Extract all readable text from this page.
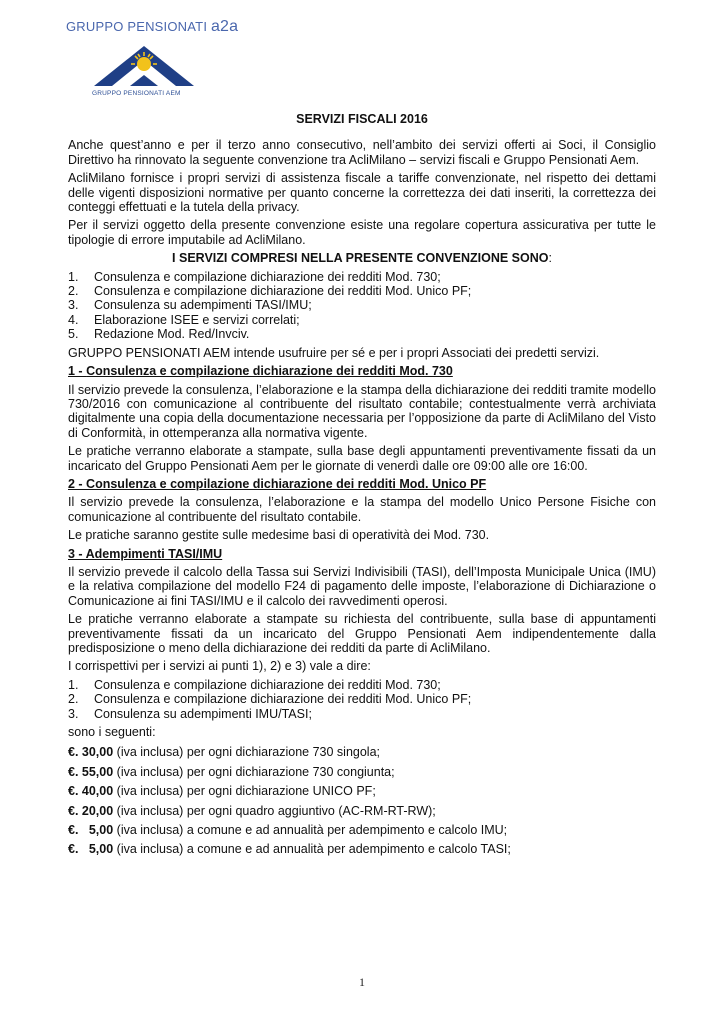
GRUPPO PENSIONATI a2a
GRUPPO PENSIONATI AEM

SERVIZI FISCALI 2016

Anche quest’anno e per il terzo anno consecutivo, nell’ambito dei servizi offerti ai Soci, il Consiglio Direttivo ha rinnovato la seguente convenzione tra AcliMilano – servizi fiscali e Gruppo Pensionati Aem.

AcliMilano fornisce i propri servizi di assistenza fiscale a tariffe convenzionate, nel rispetto dei dettami delle vigenti disposizioni normative per quanto concerne la correttezza dei dati inseriti, la correttezza dei conteggi effettuati e la tutela della privacy.

Per il servizi oggetto della presente convenzione esiste una regolare copertura assicurativa per tutte le tipologie di errore imputabile ad AcliMilano.

I SERVIZI COMPRESI NELLA PRESENTE CONVENZIONE SONO:

1.	Consulenza e compilazione dichiarazione dei redditi Mod. 730;
2.	Consulenza e compilazione dichiarazione dei redditi Mod. Unico PF;
3.	Consulenza su adempimenti TASI/IMU;
4.	Elaborazione ISEE e servizi correlati;
5.	Redazione Mod. Red/Invciv.

GRUPPO PENSIONATI AEM intende usufruire per sé e per i propri Associati dei predetti servizi.

1 - Consulenza e compilazione dichiarazione dei redditi Mod. 730

Il servizio prevede la consulenza, l’elaborazione e la stampa della dichiarazione dei redditi tramite modello 730/2016 con comunicazione al contribuente del risultato contabile; contestualmente verrà archiviata digitalmente una copia della documentazione necessaria per l’opposizione da parte di AcliMilano del Visto di Conformità, in ottemperanza alla normativa vigente.

Le pratiche verranno elaborate a stampate, sulla base degli appuntamenti preventivamente fissati da un incaricato del Gruppo Pensionati Aem per le giornate di venerdì dalle ore 09:00 alle ore 16:00.

2 - Consulenza e compilazione dichiarazione dei redditi Mod. Unico PF

Il servizio prevede la consulenza, l’elaborazione e la stampa del modello Unico Persone Fisiche con comunicazione al contribuente del risultato contabile.

Le pratiche saranno gestite sulle medesime basi di operatività dei Mod. 730.

3 - Adempimenti TASI/IMU

Il servizio prevede il calcolo della Tassa sui Servizi Indivisibili (TASI), dell’Imposta Municipale Unica (IMU) e la relativa compilazione del modello F24 di pagamento delle imposte, l’elaborazione di Dichiarazione o Comunicazione ai fini TASI/IMU e il calcolo dei ravvedimenti operosi.

Le pratiche verranno elaborate a stampate su richiesta del contribuente, sulla base di appuntamenti preventivamente fissati da un incaricato del Gruppo Pensionati Aem indipendentemente dalla predisposizione o meno della dichiarazione dei redditi da parte di AcliMilano.

I corrispettivi per i servizi ai punti 1), 2) e 3) vale a dire:

1.	Consulenza e compilazione dichiarazione dei redditi Mod. 730;
2.	Consulenza e compilazione dichiarazione dei redditi Mod. Unico PF;
3.	Consulenza su adempimenti IMU/TASI;

sono i seguenti:

€. 30,00 (iva inclusa) per ogni dichiarazione 730 singola;
€. 55,00 (iva inclusa) per ogni dichiarazione 730 congiunta;
€. 40,00 (iva inclusa) per ogni dichiarazione UNICO PF;
€. 20,00 (iva inclusa) per ogni quadro aggiuntivo (AC-RM-RT-RW);
€.   5,00 (iva inclusa) a comune e ad annualità per adempimento e calcolo IMU;
€.   5,00 (iva inclusa) a comune e ad annualità per adempimento e calcolo TASI;
1
